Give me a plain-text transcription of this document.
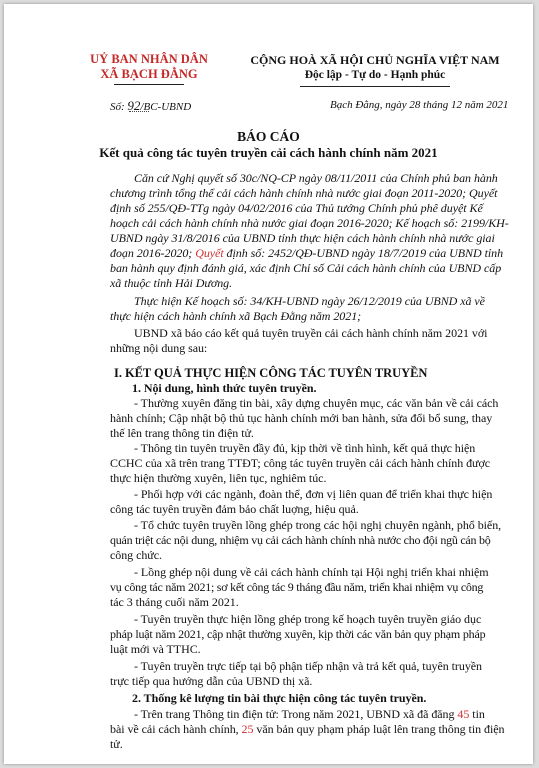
UỶ BAN NHÂN DÂN
XÃ BẠCH ĐẰNG
CỘNG HOÀ XÃ HỘI CHỦ NGHĨA VIỆT NAM
Độc lập - Tự do - Hạnh phúc
Số: 92/BC-UBND	Bạch Đằng, ngày 28 tháng 12 năm 2021
BÁO CÁO
Kết quả công tác tuyên truyền cải cách hành chính năm 2021
Căn cứ Nghị quyết số 30c/NQ-CP ngày 08/11/2011 của Chính phủ ban hành
chương trình tổng thể cải cách hành chính nhà nước giai đoạn 2011-2020; Quyết
định số 255/QĐ-TTg ngày 04/02/2016 của Thủ tướng Chính phủ phê duyệt Kế
hoạch cải cách hành chính nhà nước giai đoạn 2016-2020; Kế hoạch số: 2199/KH-
UBND ngày 31/8/2016 của UBND tỉnh thực hiện cách hành chính nhà nước giai
đoạn 2016-2020; Quyết định số: 2452/QĐ-UBND ngày 18/7/2019 của UBND tỉnh
ban hành quy định đánh giá, xác định Chỉ số Cải cách hành chính của UBND cấp
xã thuộc tỉnh Hải Dương.
Thực hiện Kế hoạch số: 34/KH-UBND ngày 26/12/2019 của UBND xã về
thực hiện cách hành chính xã Bạch Đằng năm 2021;
UBND xã báo cáo kết quả tuyên truyền cải cách hành chính năm 2021 với
những nội dung sau:
I. KẾT QUẢ THỰC HIỆN CÔNG TÁC TUYÊN TRUYỀN
1. Nội dung, hình thức tuyên truyền.
- Thường xuyên đăng tin bài, xây dựng chuyên mục, các văn bản về cải cách
hành chính; Cập nhật bộ thủ tục hành chính mới ban hành, sửa đổi bổ sung, thay
thế lên trang thông tin điện tử.
- Thông tin tuyên truyền đầy đủ, kịp thời về tình hình, kết quả thực hiện
CCHC của xã trên trang TTĐT; công tác tuyên truyền cải cách hành chính được
thực hiện thường xuyên, liên tục, nghiêm túc.
- Phối hợp với các ngành, đoàn thể, đơn vị liên quan để triển khai thực hiện
công tác tuyên truyền đảm bảo chất luợng, hiệu quả.
- Tổ chức tuyên truyền lồng ghép trong các hội nghị chuyên ngành, phổ biến,
quán triệt các nội dung, nhiệm vụ cải cách hành chính nhà nước cho đội ngũ cán bộ
công chức.
- Lồng ghép nội dung về cải cách hành chính tại Hội nghị triển khai nhiệm
vụ công tác năm 2021; sơ kết công tác 9 tháng đầu năm, triển khai nhiệm vụ công
tác 3 tháng cuối năm 2021.
- Tuyên truyền thực hiện lồng ghép trong kế hoạch tuyên truyền giáo dục
pháp luật năm 2021, cập nhật thường xuyên, kịp thời các văn bản quy phạm pháp
luật mới và TTHC.
- Tuyên truyền trực tiếp tại bộ phận tiếp nhận và trả kết quả, tuyên truyền
trực tiếp qua hướng dẫn của UBND thị xã.
2. Thống kê lượng tin bài thực hiện công tác tuyên truyền.
- Trên trang Thông tin điện tử: Trong năm 2021, UBND xã đã đăng 45 tin
bài về cải cách hành chính, 25 văn bản quy phạm pháp luật lên trang thông tin điện
tử.
